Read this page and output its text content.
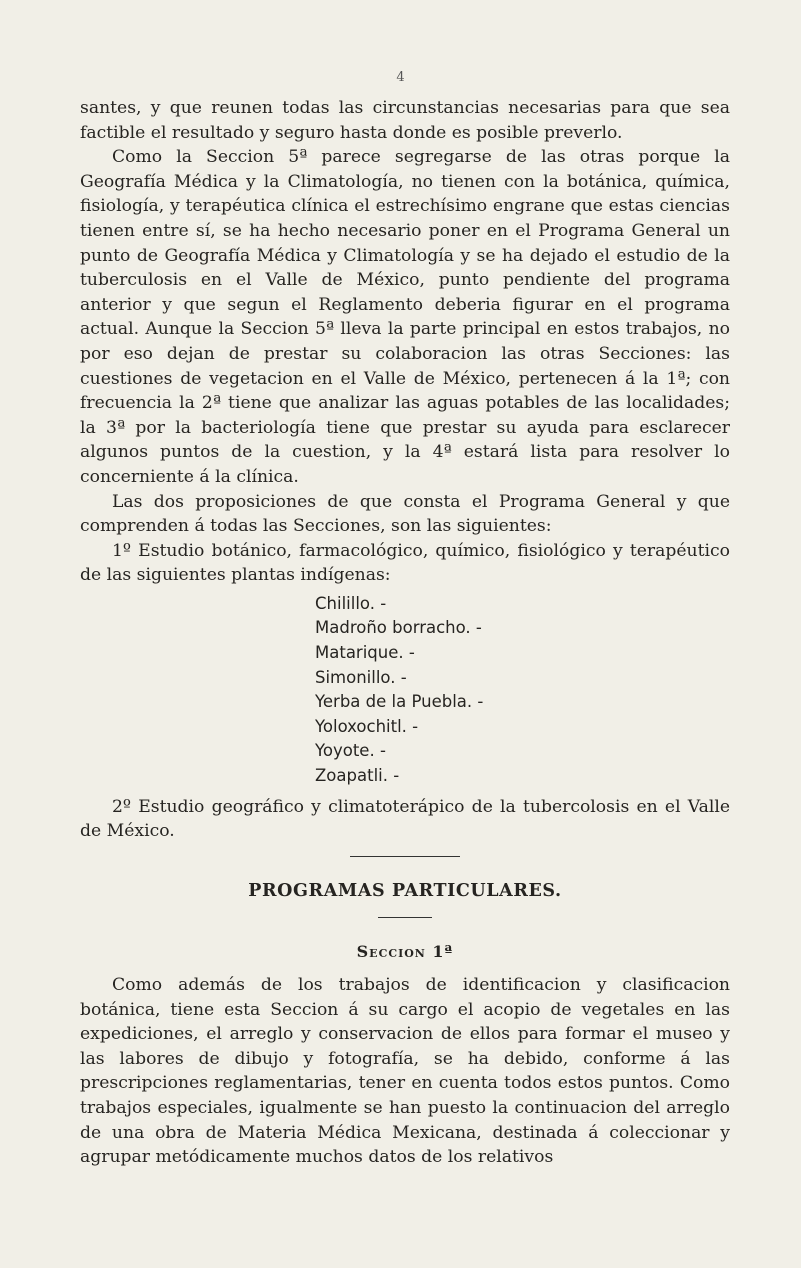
4

santes, y que reunen todas las circunstancias necesarias para que sea factible el resultado y seguro hasta donde es posible preverlo.

Como la Seccion 5ª parece segregarse de las otras porque la Geografía Médica y la Climatología, no tienen con la botánica, química, fisiología, y terapéutica clínica el estrechísimo engrane que estas ciencias tienen entre sí, se ha hecho necesario poner en el Programa General un punto de Geografía Médica y Climatología y se ha dejado el estudio de la tuberculosis en el Valle de México, punto pendiente del programa anterior y que segun el Reglamento deberia figurar en el programa actual. Aunque la Seccion 5ª lleva la parte principal en estos trabajos, no por eso dejan de prestar su colaboracion las otras Secciones: las cuestiones de vegetacion en el Valle de México, pertenecen á la 1ª; con frecuencia la 2ª tiene que analizar las aguas potables de las localidades; la 3ª por la bacteriología tiene que prestar su ayuda para esclarecer algunos puntos de la cuestion, y la 4ª estará lista para resolver lo concerniente á la clínica.

Las dos proposiciones de que consta el Programa General y que comprenden á todas las Secciones, son las siguientes:

1º Estudio botánico, farmacológico, químico, fisiológico y terapéutico de las siguientes plantas indígenas:

Chilillo. -
Madroño borracho. -
Matarique. -
Simonillo. -
Yerba de la Puebla. -
Yoloxochitl. -
Yoyote. -
Zoapatli. -

2º Estudio geográfico y climatoterápico de la tubercolosis en el Valle de México.

PROGRAMAS PARTICULARES.
Seccion 1ª

Como además de los trabajos de identificacion y clasificacion botánica, tiene esta Seccion á su cargo el acopio de vegetales en las expediciones, el arreglo y conservacion de ellos para formar el museo y las labores de dibujo y fotografía, se ha debido, conforme á las prescripciones reglamentarias, tener en cuenta todos estos puntos. Como trabajos especiales, igualmente se han puesto la continuacion del arreglo de una obra de Materia Médica Mexicana, destinada á coleccionar y agrupar metódicamente muchos datos de los relativos
